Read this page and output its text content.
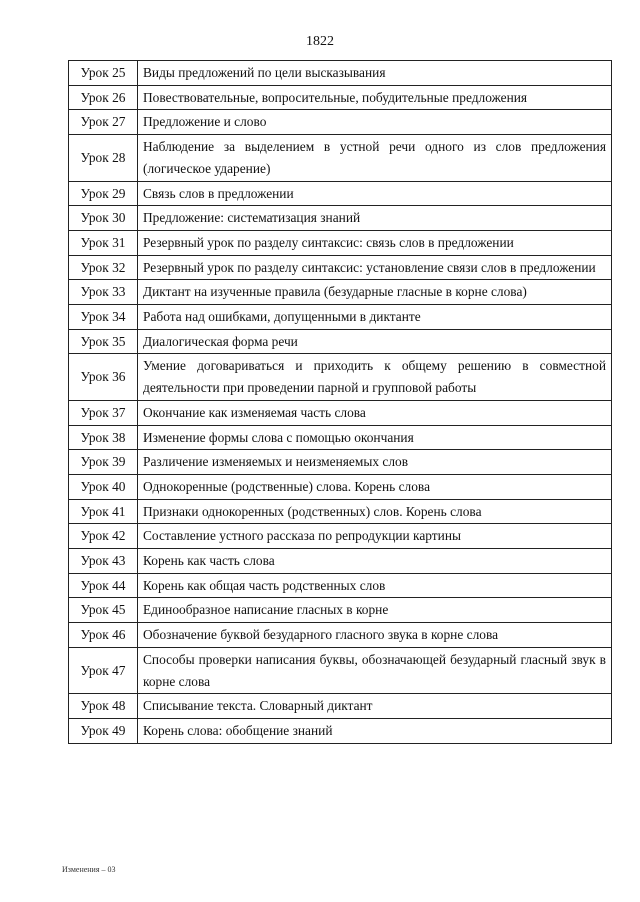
1822
Урок 25	Виды предложений по цели высказывания
Урок 26	Повествовательные, вопросительные, побудительные предложения
Урок 27	Предложение и слово
Урок 28	Наблюдение за выделением в устной речи одного из слов предложения (логическое ударение)
Урок 29	Связь слов в предложении
Урок 30	Предложение: систематизация знаний
Урок 31	Резервный урок по разделу синтаксис: связь слов в предложении
Урок 32	Резервный урок по разделу синтаксис: установление связи слов в предложении
Урок 33	Диктант на изученные правила (безударные гласные в корне слова)
Урок 34	Работа над ошибками, допущенными в диктанте
Урок 35	Диалогическая форма речи
Урок 36	Умение договариваться и приходить к общему решению в совместной деятельности при проведении парной и групповой работы
Урок 37	Окончание как изменяемая часть слова
Урок 38	Изменение формы слова с помощью окончания
Урок 39	Различение изменяемых и неизменяемых слов
Урок 40	Однокоренные (родственные) слова. Корень слова
Урок 41	Признаки однокоренных (родственных) слов. Корень слова
Урок 42	Составление устного рассказа по репродукции картины
Урок 43	Корень как часть слова
Урок 44	Корень как общая часть родственных слов
Урок 45	Единообразное написание гласных в корне
Урок 46	Обозначение буквой безударного гласного звука в корне слова
Урок 47	Способы проверки написания буквы, обозначающей безударный гласный звук в корне слова
Урок 48	Списывание текста. Словарный диктант
Урок 49	Корень слова: обобщение знаний
Изменения – 03
